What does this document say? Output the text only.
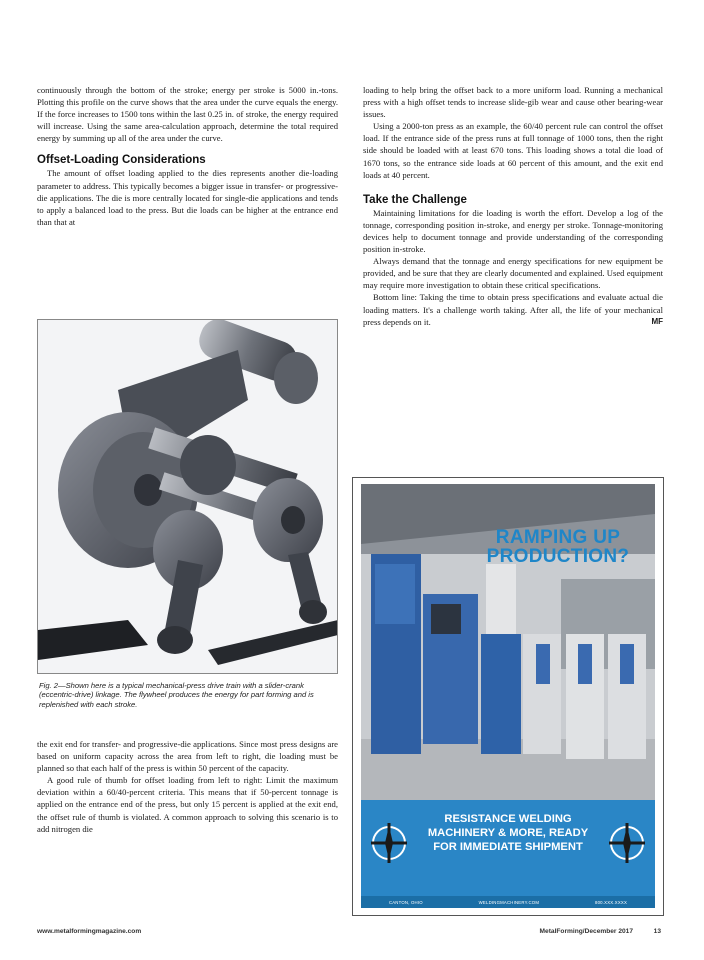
continuously through the bottom of the stroke; energy per stroke is 5000 in.-tons. Plotting this profile on the curve shows that the area under the curve equals the energy. If the force increases to 1500 tons within the last 0.25 in. of stroke, the energy required will increase. Using the same area-calculation approach, determine the total required energy by summing up all of the area under the curve.

Offset-Loading Considerations

The amount of offset loading applied to the dies represents another die-loading parameter to address. This typically becomes a bigger issue in transfer- or progressive-die applications. The die is more centrally located for single-die applications and tends to apply a balanced load to the press. But die loads can be higher at the entrance end than that at

Fig. 2—Shown here is a typical mechanical-press drive train with a slider-crank (eccentric-drive) linkage. The flywheel produces the energy for part forming and is replenished with each stroke.

the exit end for transfer- and progressive-die applications. Since most press designs are based on uniform capacity across the area from left to right, die loading must be planned so that each half of the press is within 50 percent of the capacity.

A good rule of thumb for offset loading from left to right: Limit the maximum deviation within a 60/40-percent criteria. This means that if 50-percent tonnage is applied on the entrance end of the press, but only 15 percent is applied at the exit end, the offset rule of thumb is violated. A common approach to solving this scenario is to add nitrogen die

loading to help bring the offset back to a more uniform load. Running a mechanical press with a high offset tends to increase slide-gib wear and cause other bearing-wear issues.

Using a 2000-ton press as an example, the 60/40 percent rule can control the offset load. If the entrance side of the press runs at full tonnage of 1000 tons, then the right side should be loaded with at least 670 tons. This loading shows a total die load of 1670 tons, so the entrance side loads at 60 percent of this amount, and the exit end loads at 40 percent.

Take the Challenge

Maintaining limitations for die loading is worth the effort. Develop a log of the tonnage, corresponding position in-stroke, and energy per stroke. Tonnage-monitoring devices help to document tonnage and provide understanding of the corresponding position in-stroke.

Always demand that the tonnage and energy specifications for new equipment be provided, and be sure that they are clearly documented and explained. Used equipment may require more investigation to obtain these critical specifications.

Bottom line: Taking the time to obtain press specifications and evaluate actual die loading matters. It's a challenge worth taking. After all, the life of your mechanical press depends on it.	MF

RAMPING UP PRODUCTION?
RESISTANCE WELDING MACHINERY & MORE, READY FOR IMMEDIATE SHIPMENT
CANTON, OHIO	WELDINGMACHINERY.COM	800.XXX.XXXX
www.metalformingmagazine.com	MetalForming/December 2017	13
